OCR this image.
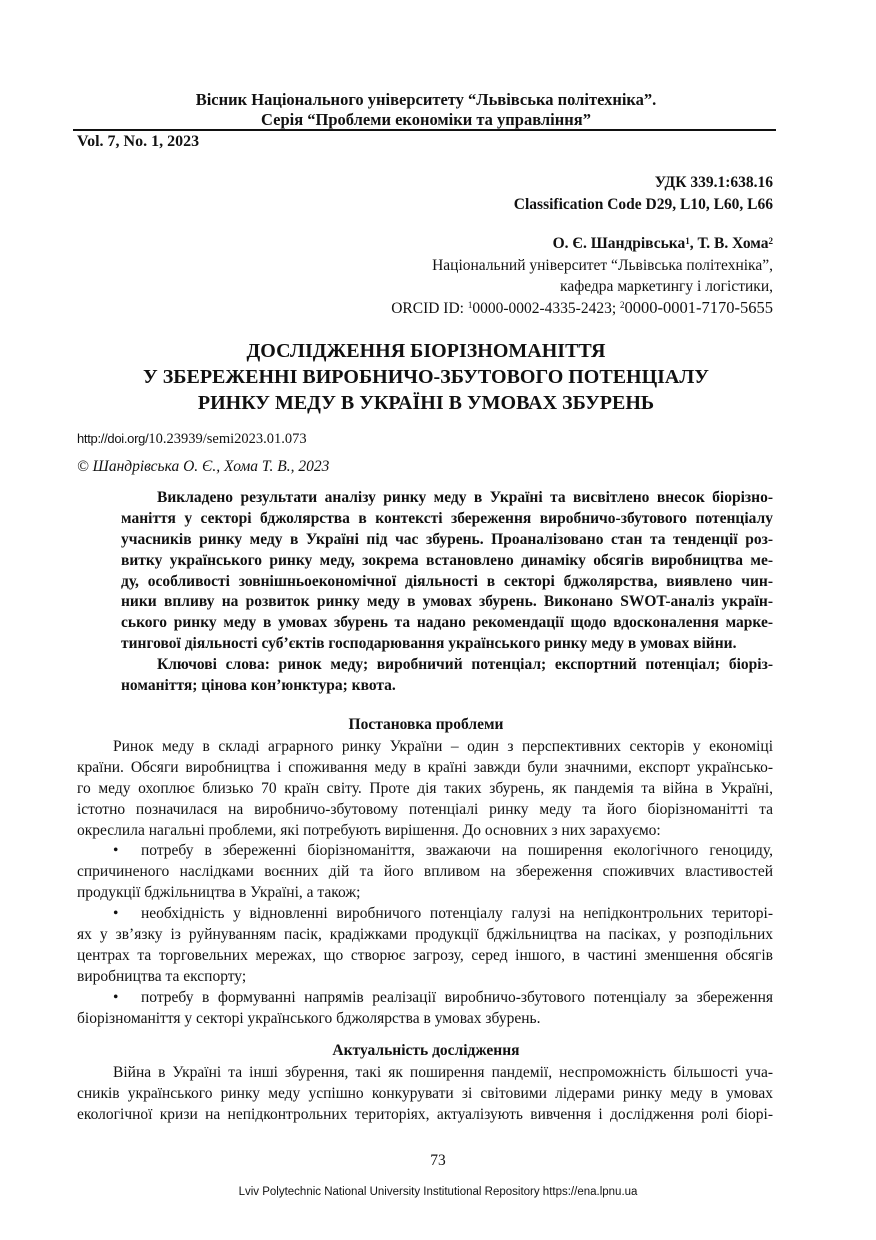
Вісник Національного університету “Львівська політехніка”.
Серія “Проблеми економіки та управління”
Vol. 7, No. 1, 2023
УДК 339.1:638.16
Classification Code D29, L10, L60, L66
О. Є. Шандрівська$^1$, Т. В. Хома$^2$
Національний університет “Львівська політехніка”,
кафедра маркетингу і логістики,
ORCID ID: $^1$0000-0002-4335-2423; $^2$0000-0001-7170-5655
ДОСЛІДЖЕННЯ БІОРІЗНОМАНІТТЯ
У ЗБЕРЕЖЕННІ ВИРОБНИЧО-ЗБУТОВОГО ПОТЕНЦІАЛУ
РИНКУ МЕДУ В УКРАЇНІ В УМОВАХ ЗБУРЕНЬ
http://doi.org/10.23939/semi2023.01.073
© Шандрівська О. Є., Хома Т. В., 2023
Викладено результати аналізу ринку меду в Україні та висвітлено внесок біорізно-
маніття у секторі бджолярства в контексті збереження виробничо-збутового потенціалу
учасників ринку меду в Україні під час збурень. Проаналізовано стан та тенденції роз-
витку українського ринку меду, зокрема встановлено динаміку обсягів виробництва ме-
ду, особливості зовнішньоекономічної діяльності в секторі бджолярства, виявлено чин-
ники впливу на розвиток ринку меду в умовах збурень. Виконано SWOT-аналіз україн-
ського ринку меду в умовах збурень та надано рекомендації щодо вдосконалення марке-
тингової діяльності суб’єктів господарювання українського ринку меду в умовах війни.
Ключові слова: ринок меду; виробничий потенціал; експортний потенціал; біоріз-
номаніття; цінова кон’юнктура; квота.
Постановка проблеми
Ринок меду в складі аграрного ринку України – один з перспективних секторів у економіці
країни. Обсяги виробництва і споживання меду в країні завжди були значними, експорт українсько-
го меду охоплює близько 70 країн світу. Проте дія таких збурень, як пандемія та війна в Україні,
істотно позначилася на виробничо-збутовому потенціалі ринку меду та його біорізноманітті та
окреслила нагальні проблеми, які потребують вирішення. До основних з них зарахуємо:
• потребу в збереженні біорізноманіття, зважаючи на поширення екологічного геноциду,
спричиненого наслідками воєнних дій та його впливом на збереження споживчих властивостей
продукції бджільництва в Україні, а також;
• необхідність у відновленні виробничого потенціалу галузі на непідконтрольних територі-
ях у зв’язку із руйнуванням пасік, крадіжками продукції бджільництва на пасіках, у розподільних
центрах та торговельних мережах, що створює загрозу, серед іншого, в частині зменшення обсягів
виробництва та експорту;
• потребу в формуванні напрямів реалізації виробничо-збутового потенціалу за збереження
біорізноманіття у секторі українського бджолярства в умовах збурень.
Актуальність дослідження
Війна в Україні та інші збурення, такі як поширення пандемії, неспроможність більшості уча-
сників українського ринку меду успішно конкурувати зі світовими лідерами ринку меду в умовах
екологічної кризи на непідконтрольних територіях, актуалізують вивчення і дослідження ролі біорі-
73
Lviv Polytechnic National University Institutional Repository https://ena.lpnu.ua
